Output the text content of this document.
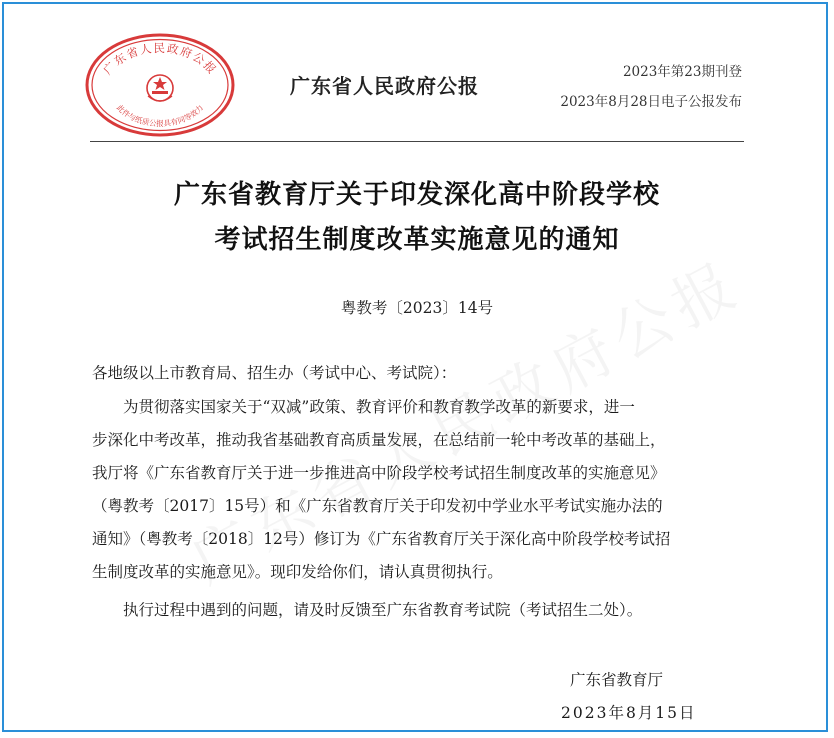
广东省人民政府公报
此件与纸质公报具有同等效力
广东省人民政府公报
2023年第23期刊登
2023年8月28日电子公报发布
广东省教育厅关于印发深化高中阶段学校
考试招生制度改革实施意见的通知
粤教考〔2023〕14号
各地级以上市教育局、招生办（考试中心、考试院）：
为贯彻落实国家关于“双减”政策、教育评价和教育教学改革的新要求，进一
步深化中考改革，推动我省基础教育高质量发展，在总结前一轮中考改革的基础上，
我厅将《广东省教育厅关于进一步推进高中阶段学校考试招生制度改革的实施意见》
（粤教考〔2017〕15号）和《广东省教育厅关于印发初中学业水平考试实施办法的
通知》（粤教考〔2018〕12号）修订为《广东省教育厅关于深化高中阶段学校考试招
生制度改革的实施意见》。现印发给你们，请认真贯彻执行。
执行过程中遇到的问题，请及时反馈至广东省教育考试院（考试招生二处）。
广东省教育厅
2023年8月15日
